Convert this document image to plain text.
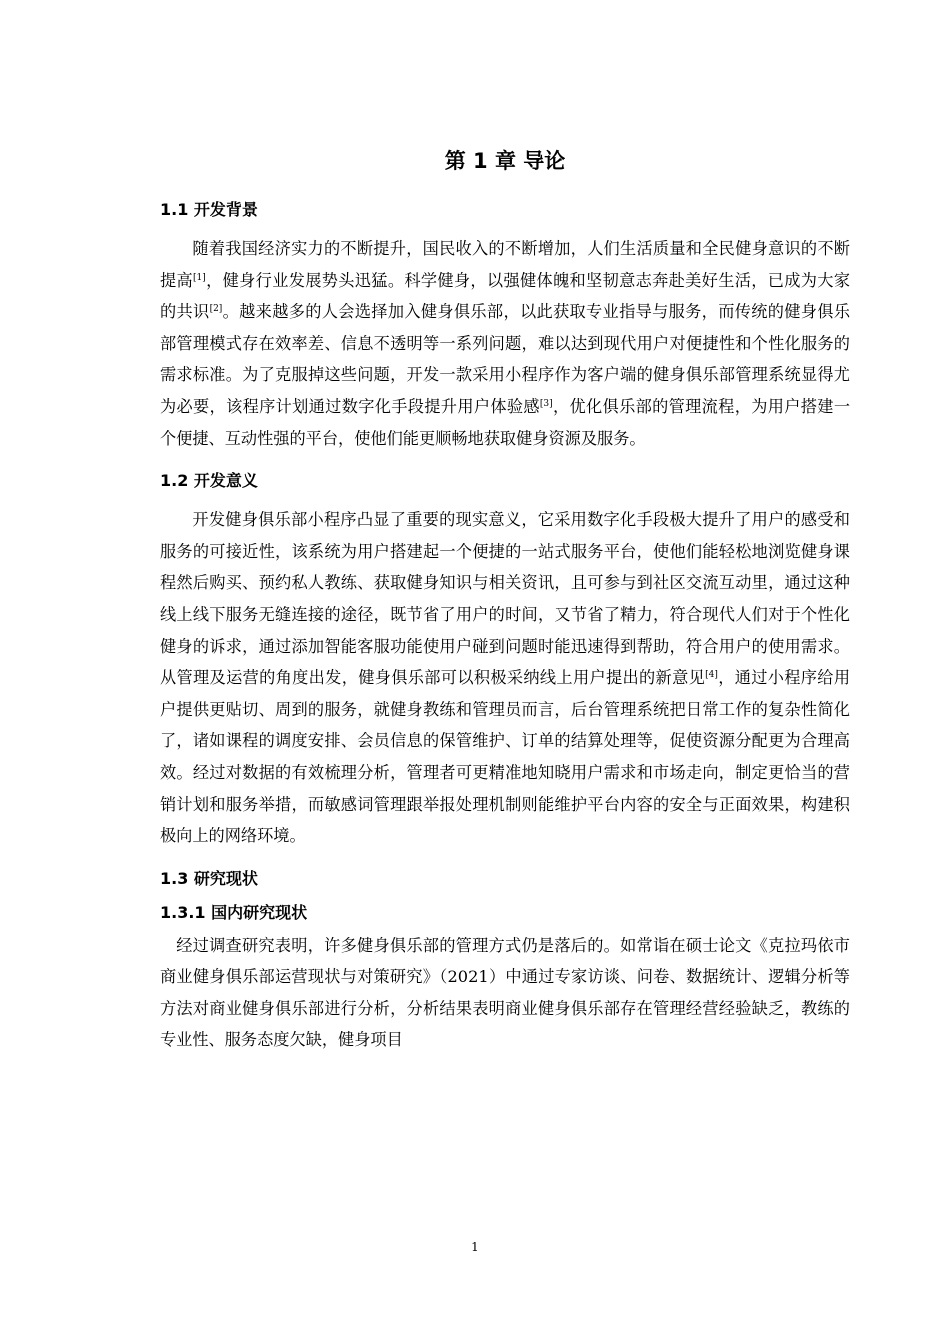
第 1 章 导论
1.1 开发背景

随着我国经济实力的不断提升，国民收入的不断增加，人们生活质量和全民健身意识的不断提高[1]，健身行业发展势头迅猛。科学健身，以强健体魄和坚韧意志奔赴美好生活，已成为大家的共识[2]。越来越多的人会选择加入健身俱乐部，以此获取专业指导与服务，而传统的健身俱乐部管理模式存在效率差、信息不透明等一系列问题，难以达到现代用户对便捷性和个性化服务的需求标准。为了克服掉这些问题，开发一款采用小程序作为客户端的健身俱乐部管理系统显得尤为必要，该程序计划通过数字化手段提升用户体验感[3]，优化俱乐部的管理流程，为用户搭建一个便捷、互动性强的平台，使他们能更顺畅地获取健身资源及服务。

1.2 开发意义

开发健身俱乐部小程序凸显了重要的现实意义，它采用数字化手段极大提升了用户的感受和服务的可接近性，该系统为用户搭建起一个便捷的一站式服务平台，使他们能轻松地浏览健身课程然后购买、预约私人教练、获取健身知识与相关资讯，且可参与到社区交流互动里，通过这种线上线下服务无缝连接的途径，既节省了用户的时间，又节省了精力，符合现代人们对于个性化健身的诉求，通过添加智能客服功能使用户碰到问题时能迅速得到帮助，符合用户的使用需求。从管理及运营的角度出发，健身俱乐部可以积极采纳线上用户提出的新意见[4]，通过小程序给用户提供更贴切、周到的服务，就健身教练和管理员而言，后台管理系统把日常工作的复杂性简化了，诸如课程的调度安排、会员信息的保管维护、订单的结算处理等，促使资源分配更为合理高效。经过对数据的有效梳理分析，管理者可更精准地知晓用户需求和市场走向，制定更恰当的营销计划和服务举措，而敏感词管理跟举报处理机制则能维护平台内容的安全与正面效果，构建积极向上的网络环境。

1.3 研究现状
1.3.1 国内研究现状

经过调查研究表明，许多健身俱乐部的管理方式仍是落后的。如常诣在硕士论文《克拉玛依市商业健身俱乐部运营现状与对策研究》（2021）中通过专家访谈、问卷、数据统计、逻辑分析等方法对商业健身俱乐部进行分析，分析结果表明商业健身俱乐部存在管理经营经验缺乏，教练的专业性、服务态度欠缺，健身项目

1
